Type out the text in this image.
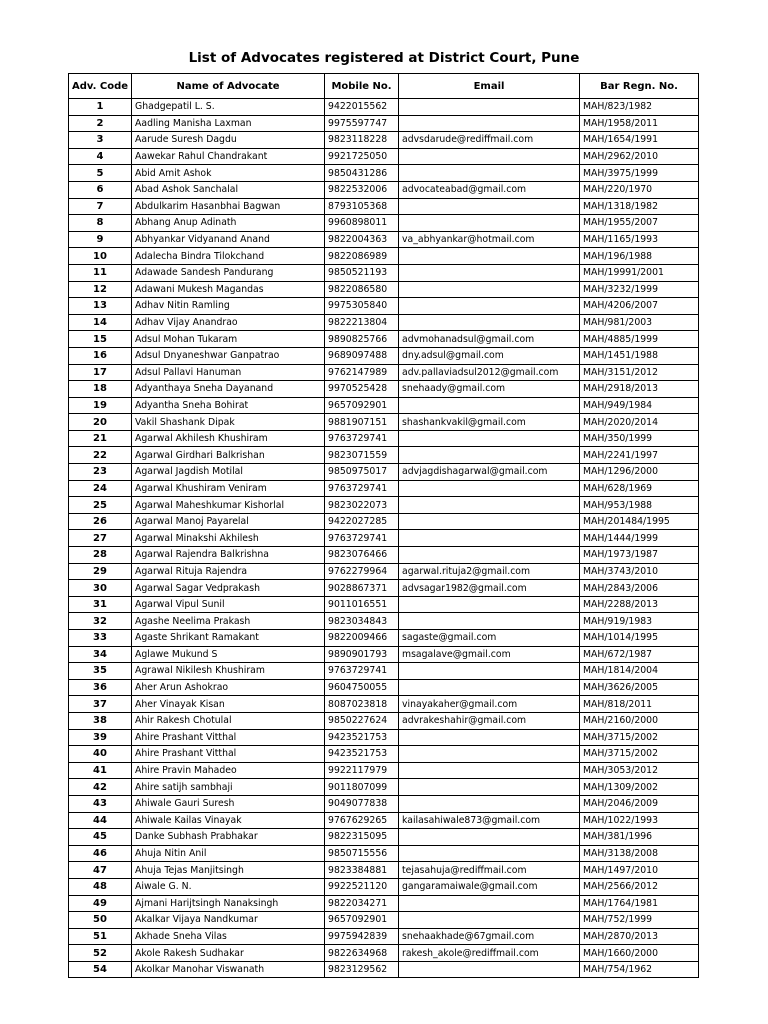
List of Advocates registered at District Court, Pune
Adv. Code	Name of Advocate	Mobile No.	Email	Bar Regn. No.
1	Ghadgepatil L. S.	9422015562		MAH/823/1982
2	Aadling Manisha Laxman	9975597747		MAH/1958/2011
3	Aarude Suresh Dagdu	9823118228	advsdarude@rediffmail.com	MAH/1654/1991
4	Aawekar Rahul Chandrakant	9921725050		MAH/2962/2010
5	Abid Amit Ashok	9850431286		MAH/3975/1999
6	Abad Ashok Sanchalal	9822532006	advocateabad@gmail.com	MAH/220/1970
7	Abdulkarim Hasanbhai Bagwan	8793105368		MAH/1318/1982
8	Abhang Anup Adinath	9960898011		MAH/1955/2007
9	Abhyankar Vidyanand Anand	9822004363	va_abhyankar@hotmail.com	MAH/1165/1993
10	Adalecha Bindra Tilokchand	9822086989		MAH/196/1988
11	Adawade Sandesh Pandurang	9850521193		MAH/19991/2001
12	Adawani Mukesh Magandas	9822086580		MAH/3232/1999
13	Adhav Nitin Ramling	9975305840		MAH/4206/2007
14	Adhav Vijay Anandrao	9822213804		MAH/981/2003
15	Adsul Mohan Tukaram	9890825766	advmohanadsul@gmail.com	MAH/4885/1999
16	Adsul Dnyaneshwar Ganpatrao	9689097488	dny.adsul@gmail.com	MAH/1451/1988
17	Adsul Pallavi Hanuman	9762147989	adv.pallaviadsul2012@gmail.com	MAH/3151/2012
18	Adyanthaya Sneha Dayanand	9970525428	snehaady@gmail.com	MAH/2918/2013
19	Adyantha Sneha Bohirat	9657092901		MAH/949/1984
20	Vakil Shashank Dipak	9881907151	shashankvakil@gmail.com	MAH/2020/2014
21	Agarwal Akhilesh Khushiram	9763729741		MAH/350/1999
22	Agarwal Girdhari Balkrishan	9823071559		MAH/2241/1997
23	Agarwal Jagdish Motilal	9850975017	advjagdishagarwal@gmail.com	MAH/1296/2000
24	Agarwal Khushiram Veniram	9763729741		MAH/628/1969
25	Agarwal Maheshkumar Kishorlal	9823022073		MAH/953/1988
26	Agarwal Manoj Payarelal	9422027285		MAH/201484/1995
27	Agarwal Minakshi Akhilesh	9763729741		MAH/1444/1999
28	Agarwal Rajendra Balkrishna	9823076466		MAH/1973/1987
29	Agarwal Rituja Rajendra	9762279964	agarwal.rituja2@gmail.com	MAH/3743/2010
30	Agarwal Sagar Vedprakash	9028867371	advsagar1982@gmail.com	MAH/2843/2006
31	Agarwal Vipul Sunil	9011016551		MAH/2288/2013
32	Agashe Neelima Prakash	9823034843		MAH/919/1983
33	Agaste Shrikant Ramakant	9822009466	sagaste@gmail.com	MAH/1014/1995
34	Aglawe Mukund S	9890901793	msagalave@gmail.com	MAH/672/1987
35	Agrawal Nikilesh Khushiram	9763729741		MAH/1814/2004
36	Aher Arun Ashokrao	9604750055		MAH/3626/2005
37	Aher Vinayak Kisan	8087023818	vinayakaher@gmail.com	MAH/818/2011
38	Ahir Rakesh Chotulal	9850227624	advrakeshahir@gmail.com	MAH/2160/2000
39	Ahire Prashant Vitthal	9423521753		MAH/3715/2002
40	Ahire Prashant Vitthal	9423521753		MAH/3715/2002
41	Ahire Pravin Mahadeo	9922117979		MAH/3053/2012
42	Ahire satijh sambhaji	9011807099		MAH/1309/2002
43	Ahiwale Gauri Suresh	9049077838		MAH/2046/2009
44	Ahiwale Kailas Vinayak	9767629265	kailasahiwale873@gmail.com	MAH/1022/1993
45	Danke Subhash Prabhakar	9822315095		MAH/381/1996
46	Ahuja Nitin Anil	9850715556		MAH/3138/2008
47	Ahuja Tejas Manjitsingh	9823384881	tejasahuja@rediffmail.com	MAH/1497/2010
48	Aiwale G. N.	9922521120	gangaramaiwale@gmail.com	MAH/2566/2012
49	Ajmani Harijtsingh Nanaksingh	9822034271		MAH/1764/1981
50	Akalkar Vijaya Nandkumar	9657092901		MAH/752/1999
51	Akhade Sneha Vilas	9975942839	snehaakhade@67gmail.com	MAH/2870/2013
52	Akole Rakesh Sudhakar	9822634968	rakesh_akole@rediffmail.com	MAH/1660/2000
54	Akolkar Manohar Viswanath	9823129562		MAH/754/1962
